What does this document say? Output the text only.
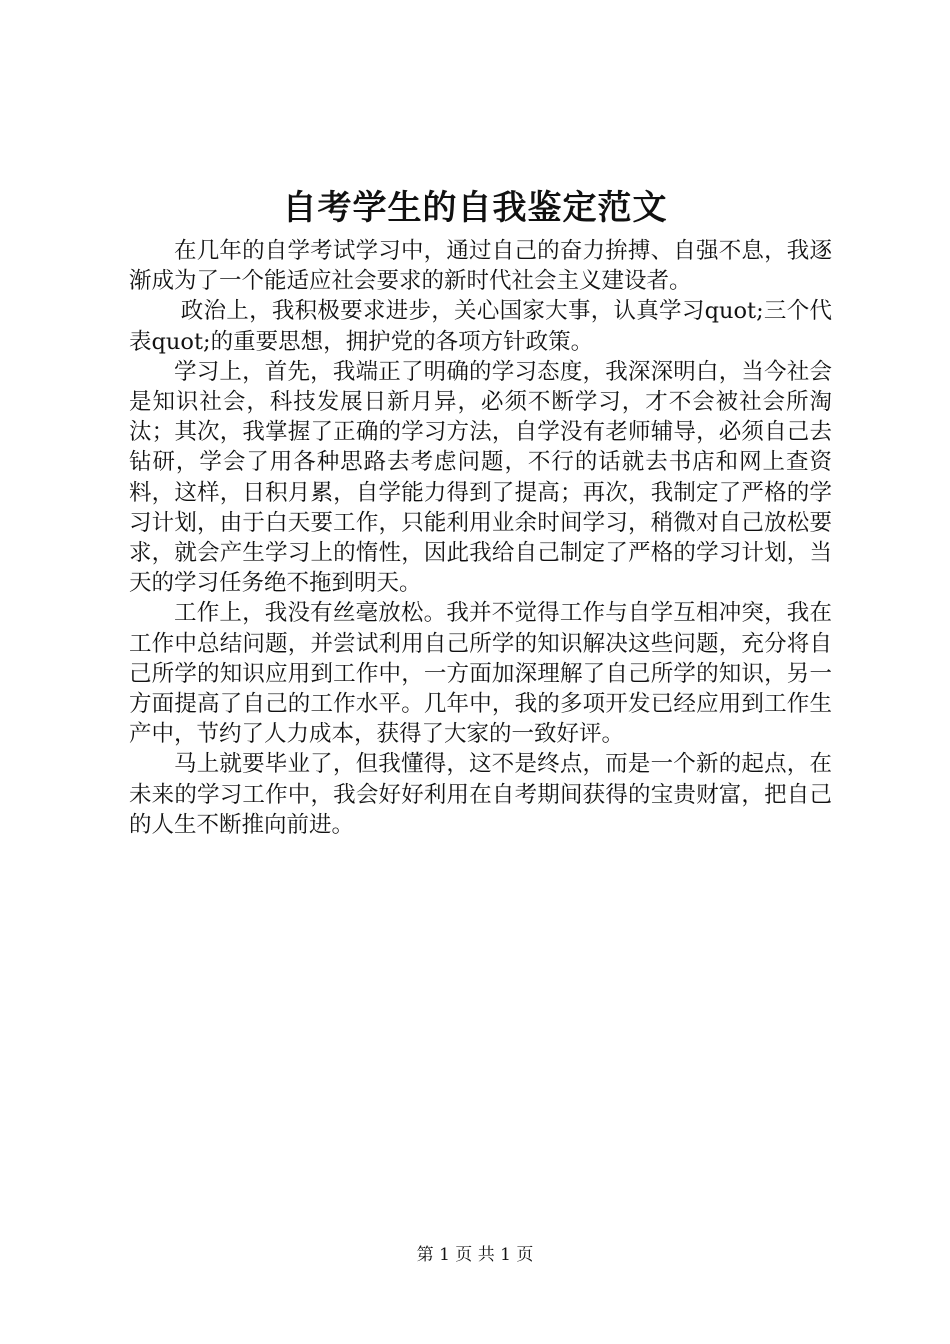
自考学生的自我鉴定范文

在几年的自学考试学习中，通过自己的奋力拚搏、自强不息，我逐渐成为了一个能适应社会要求的新时代社会主义建设者。

政治上，我积极要求进步，关心国家大事，认真学习quot;三个代表quot;的重要思想，拥护党的各项方针政策。

学习上，首先，我端正了明确的学习态度，我深深明白，当今社会是知识社会，科技发展日新月异，必须不断学习，才不会被社会所淘汰；其次，我掌握了正确的学习方法，自学没有老师辅导，必须自己去钻研，学会了用各种思路去考虑问题，不行的话就去书店和网上查资料，这样，日积月累，自学能力得到了提高；再次，我制定了严格的学习计划，由于白天要工作，只能利用业余时间学习，稍微对自己放松要求，就会产生学习上的惰性，因此我给自己制定了严格的学习计划，当天的学习任务绝不拖到明天。

工作上，我没有丝毫放松。我并不觉得工作与自学互相冲突，我在工作中总结问题，并尝试利用自己所学的知识解决这些问题，充分将自己所学的知识应用到工作中，一方面加深理解了自己所学的知识，另一方面提高了自己的工作水平。几年中，我的多项开发已经应用到工作生产中，节约了人力成本，获得了大家的一致好评。

马上就要毕业了，但我懂得，这不是终点，而是一个新的起点，在未来的学习工作中，我会好好利用在自考期间获得的宝贵财富，把自己的人生不断推向前进。

第 1 页 共 1 页
